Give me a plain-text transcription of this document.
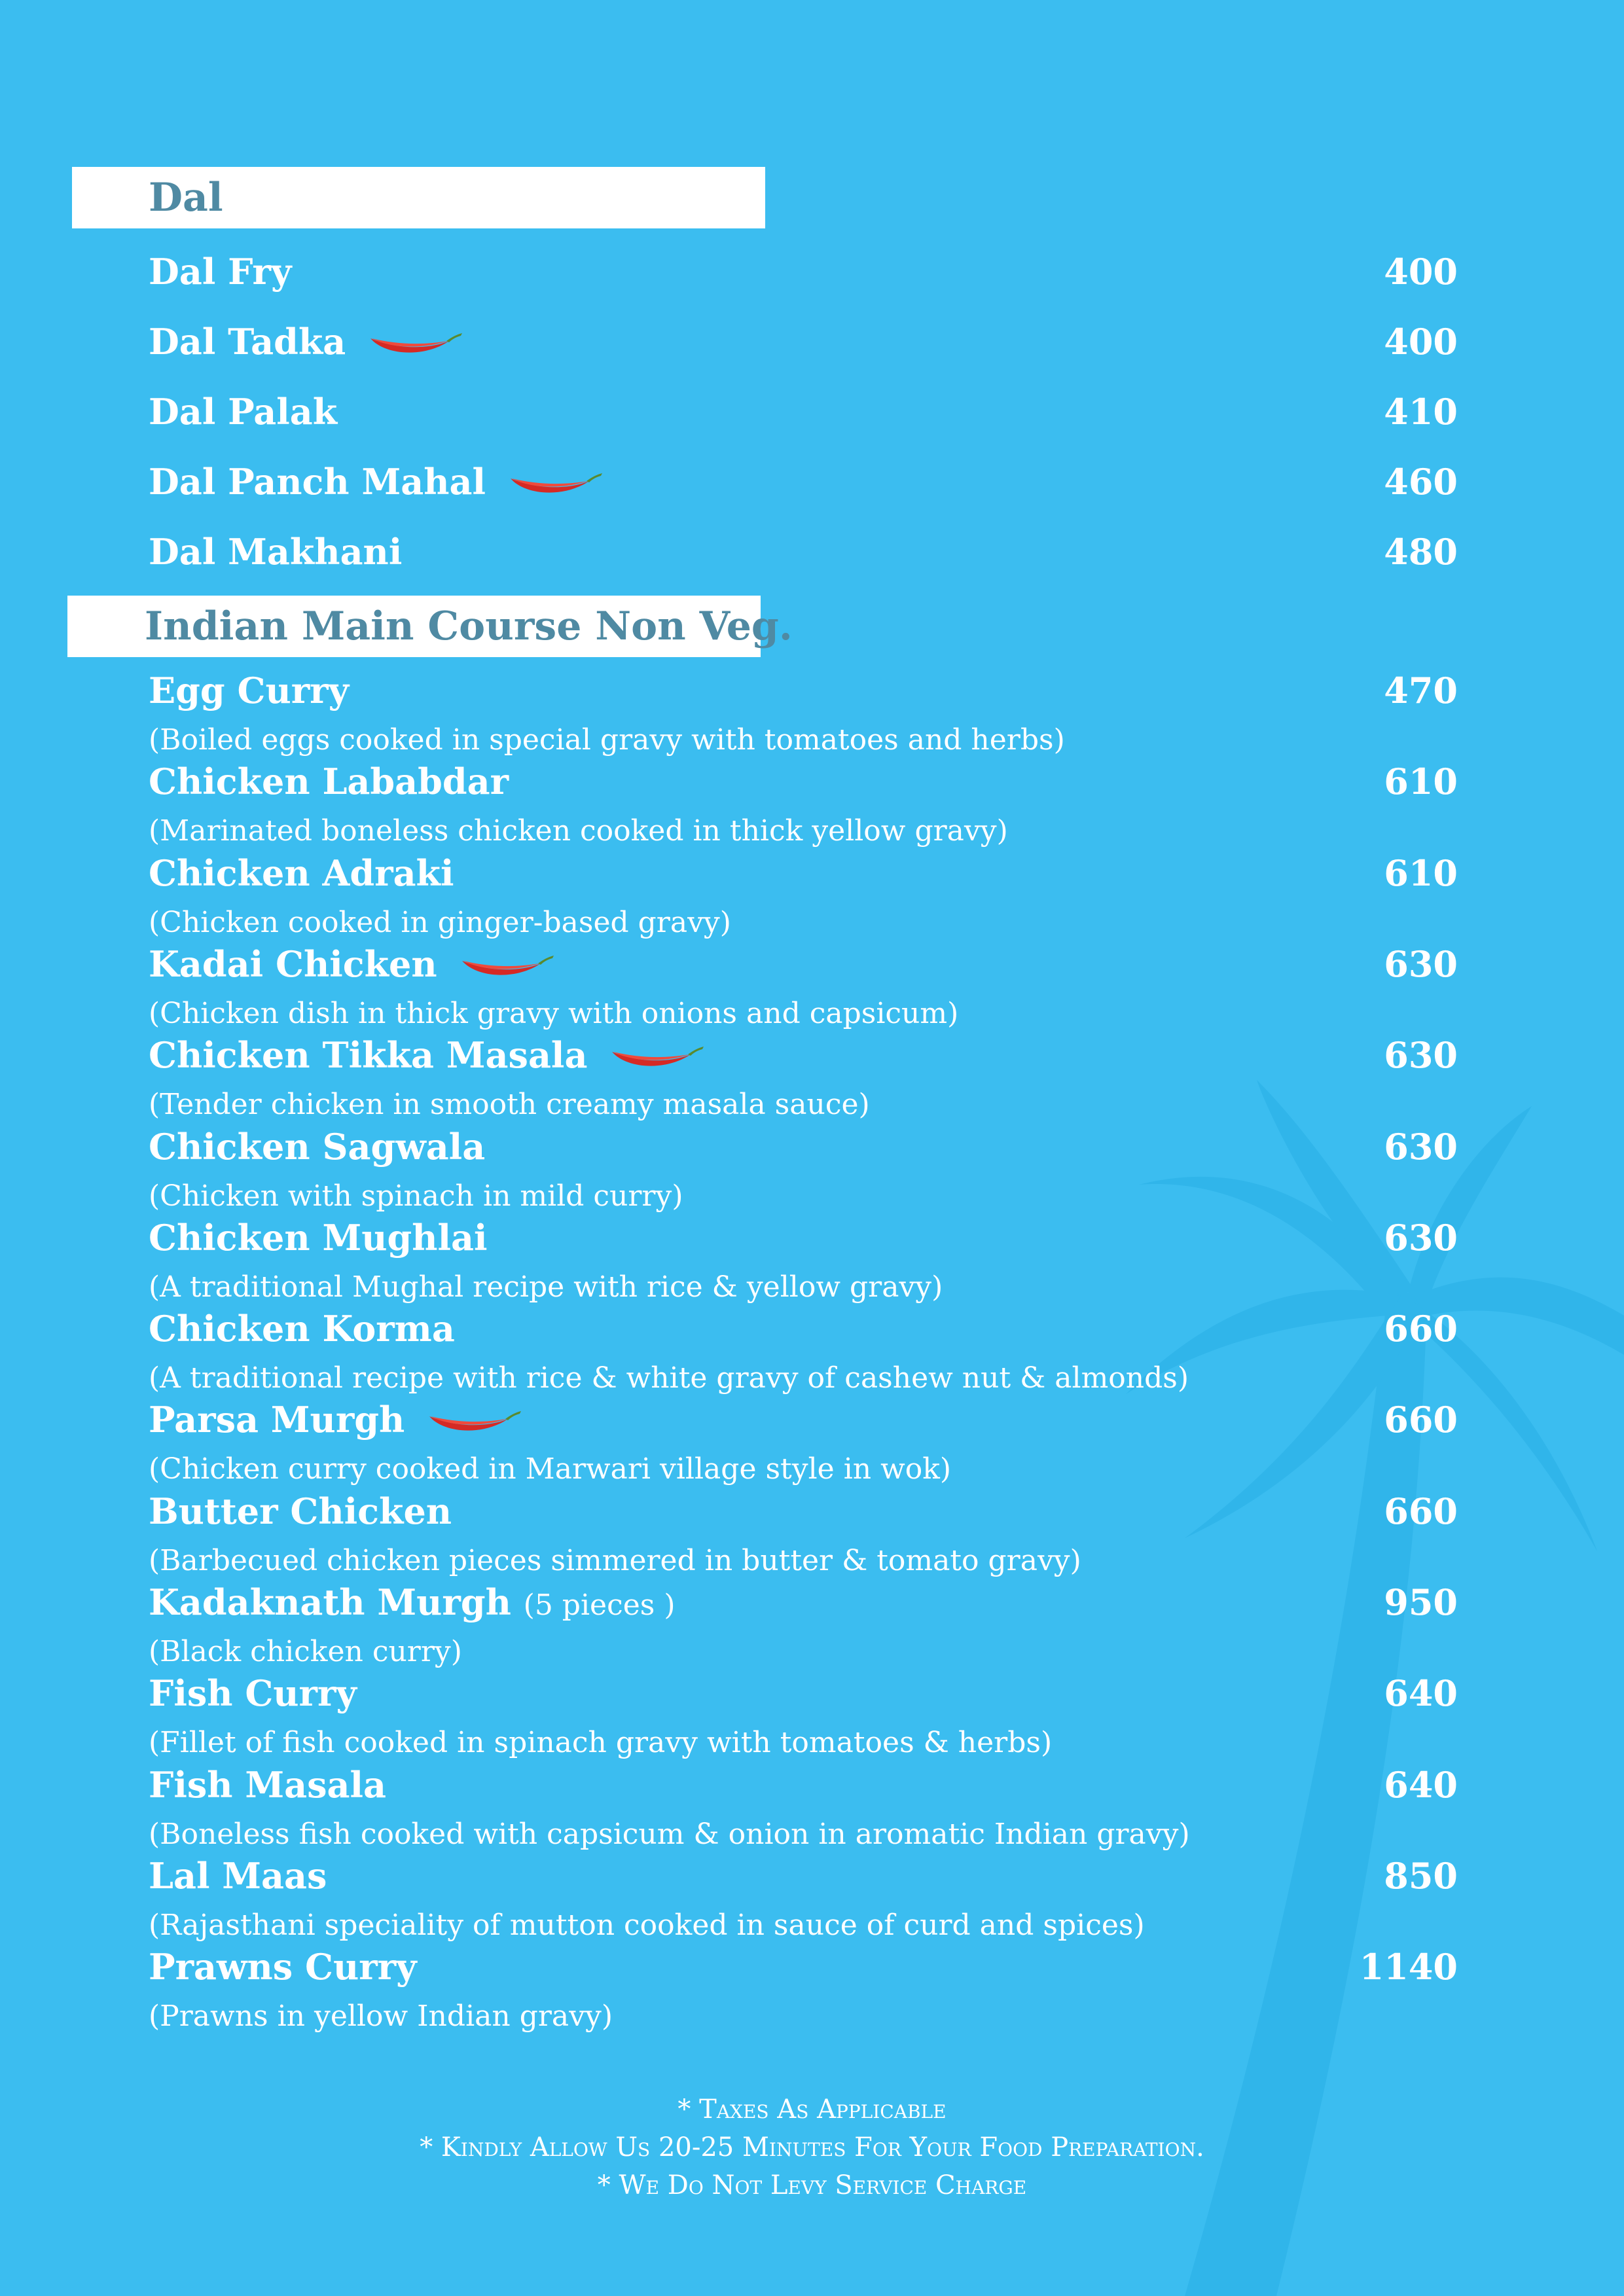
Dal
Dal Fry	400
Dal Tadka	400
Dal Palak	410
Dal Panch Mahal	460
Dal Makhani	480
Indian Main Course Non Veg.
Egg Curry	470
(Boiled eggs cooked in special gravy with tomatoes and herbs)
Chicken Lababdar	610
(Marinated boneless chicken cooked in thick yellow gravy)
Chicken Adraki	610
(Chicken cooked in ginger-based gravy)
Kadai Chicken	630
(Chicken dish in thick gravy with onions and capsicum)
Chicken Tikka Masala	630
(Tender chicken in smooth creamy masala sauce)
Chicken Sagwala	630
(Chicken with spinach in mild curry)
Chicken Mughlai	630
(A traditional Mughal recipe with rice & yellow gravy)
Chicken Korma	660
(A traditional recipe with rice & white gravy of cashew nut & almonds)
Parsa Murgh	660
(Chicken curry cooked in Marwari village style in wok)
Butter Chicken	660
(Barbecued chicken pieces simmered in butter & tomato gravy)
Kadaknath Murgh (5 pieces )	950
(Black chicken curry)
Fish Curry	640
(Fillet of fish cooked in spinach gravy with tomatoes & herbs)
Fish Masala	640
(Boneless fish cooked with capsicum & onion in aromatic Indian gravy)
Lal Maas	850
(Rajasthani speciality of mutton cooked in sauce of curd and spices)
Prawns Curry	1140
(Prawns in yellow Indian gravy)
* Taxes As Applicable
* Kindly Allow Us 20-25 Minutes For Your Food Preparation.
* We Do Not Levy Service Charge
